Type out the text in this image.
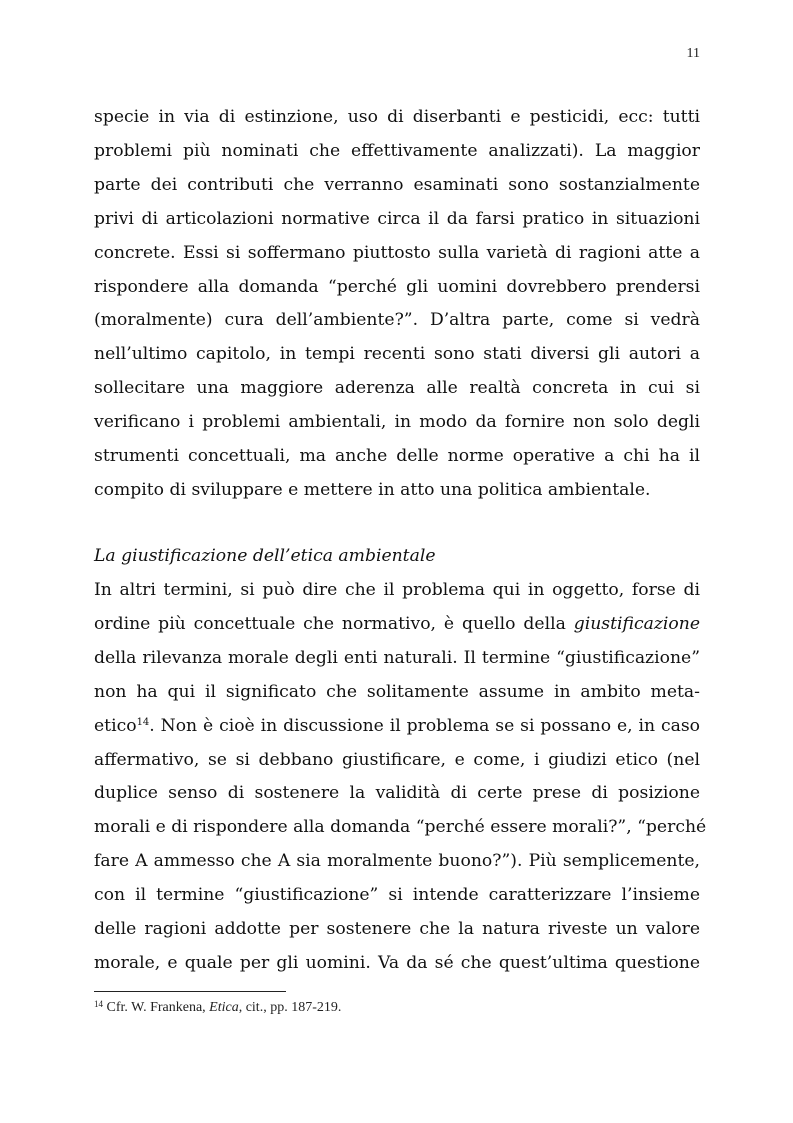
11
specie in via di estinzione, uso di diserbanti e pesticidi, ecc: tutti
problemi più nominati che effettivamente analizzati). La maggior
parte dei contributi che verranno esaminati sono sostanzialmente
privi di articolazioni normative circa il da farsi pratico in situazioni
concrete. Essi si soffermano piuttosto sulla varietà di ragioni atte a
rispondere alla domanda “perché gli uomini dovrebbero prendersi
(moralmente) cura dell’ambiente?”. D’altra parte, come si vedrà
nell’ultimo capitolo, in tempi recenti sono stati diversi gli autori a
sollecitare una maggiore aderenza alle realtà concreta in cui si
verificano i problemi ambientali, in modo da fornire non solo degli
strumenti concettuali, ma anche delle norme operative a chi ha il
compito di sviluppare e mettere in atto una politica ambientale.
La giustificazione dell’etica ambientale
In altri termini, si può dire che il problema qui in oggetto, forse di
ordine più concettuale che normativo, è quello della giustificazione
della rilevanza morale degli enti naturali. Il termine “giustificazione”
non ha qui il significato che solitamente assume in ambito meta-
etico$^{14}$. Non è cioè in discussione il problema se si possano e, in caso
affermativo, se si debbano giustificare, e come, i giudizi etico (nel
duplice senso di sostenere la validità di certe prese di posizione
morali e di rispondere alla domanda “perché essere morali?”, “perché
fare A ammesso che A sia moralmente buono?”). Più semplicemente,
con il termine “giustificazione” si intende caratterizzare l’insieme
delle ragioni addotte per sostenere che la natura riveste un valore
morale, e quale per gli uomini. Va da sé che quest’ultima questione
$^{14}$ Cfr. W. Frankena, Etica, cit., pp. 187-219.
